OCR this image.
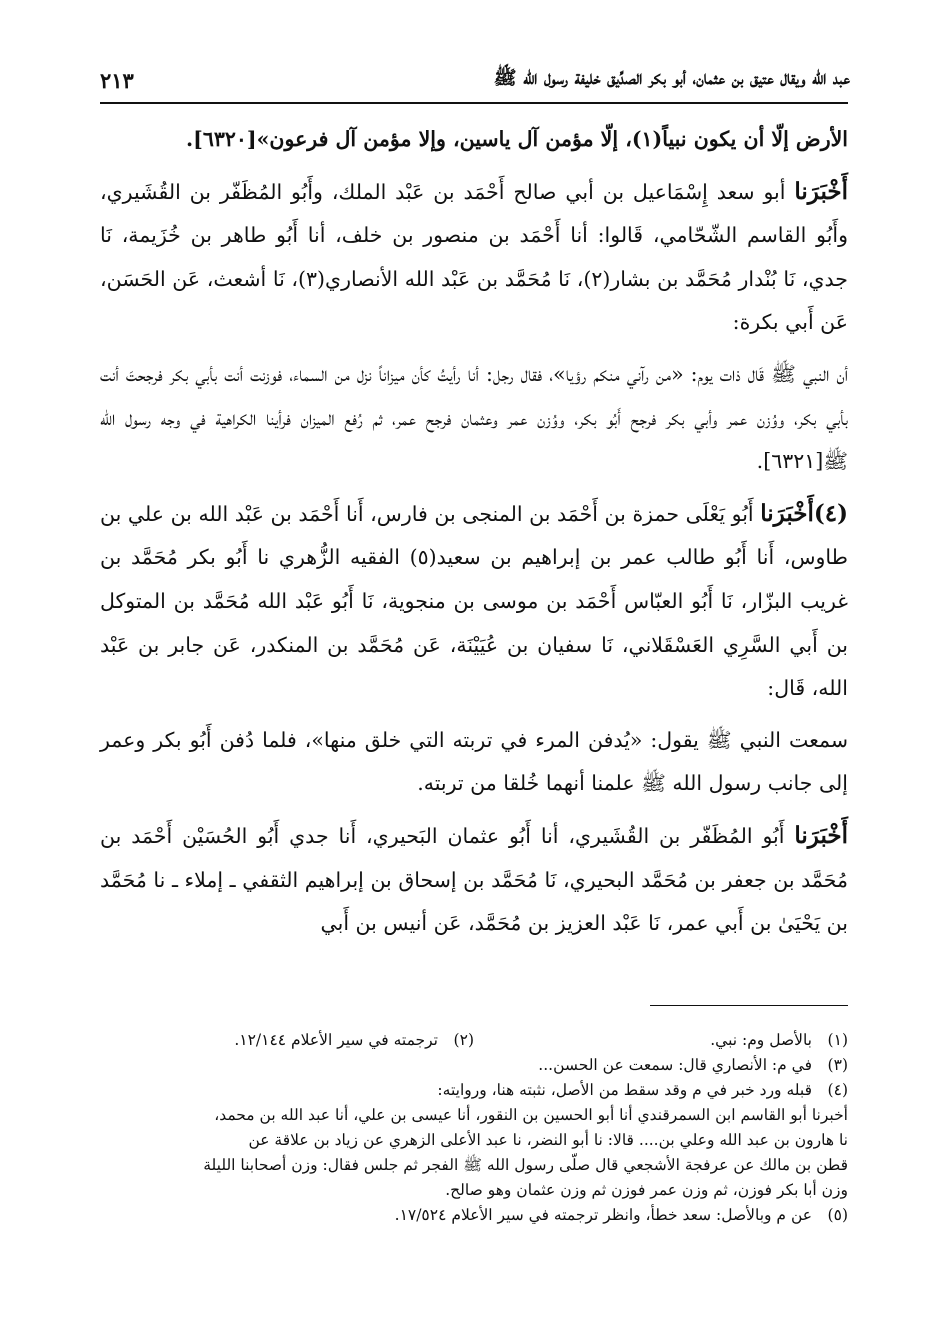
عبد الله ويقال عتيق بن عثمان، أبو بكر الصدِّيق خليفة رسول الله ﷺ
٢١٣

الأرض إلّا أن يكون نبياً(١)، إلّا مؤمن آل ياسين، وإلا مؤمن آل فرعون»[٦٣٢٠].

أَخْبَرَنا أبو سعد إِسْمَاعيل بن أبي صالح أَحْمَد بن عَبْد الملك، وأَبُو المُظَفّر بن القُشَيري، وأَبُو القاسم الشّحّامي، قَالوا: أنا أَحْمَد بن منصور بن خلف، أنا أَبُو طاهر بن خُزَيمة، نَا جدي، نَا بُنْدار مُحَمَّد بن بشار(٢)، نَا مُحَمَّد بن عَبْد الله الأنصاري(٣)، نَا أشعث، عَن الحَسَن، عَن أَبي بكرة:

أن النبي ﷺ قَال ذات يوم: «من رآني منكم رؤيا»، فقال رجل: أنا رأيتُ كأن ميزاناً نزل من السماء، فوزنت أنت بأبي بكر فرجحتَ أنت بأبي بكر، ووُزن عمر وأبي بكر فرجح أَبُو بكر، ووُزن عمر وعثمان فرجح عمر، ثم رُفع الميزان فرأينا الكراهية في وجه رسول الله ﷺ[٦٣٢١].

(٤)أَخْبَرَنا أَبُو يَعْلَى حمزة بن أَحْمَد بن المنجى بن فارس، أَنا أَحْمَد بن عَبْد الله بن علي بن طاوس، أَنا أَبُو طالب عمر بن إبراهيم بن سعيد(٥) الفقيه الزُّهري نا أَبُو بكر مُحَمَّد بن غريب البزّار، نَا أَبُو العبّاس أَحْمَد بن موسى بن منجوية، نَا أَبُو عَبْد الله مُحَمَّد بن المتوكل بن أَبي السَّرِي العَسْقَلاني، نَا سفيان بن عُيَيْنَة، عَن مُحَمَّد بن المنكدر، عَن جابر بن عَبْد الله، قَال:

سمعت النبي ﷺ يقول: «يُدفن المرء في تربته التي خلق منها»، فلما دُفن أَبُو بكر وعمر إلى جانب رسول الله ﷺ علمنا أنهما خُلقا من تربته.

أَخْبَرَنا أَبُو المُظَفّر بن القُشَيري، أنا أَبُو عثمان البَحيري، أَنا جدي أَبُو الحُسَيْن أَحْمَد بن مُحَمَّد بن جعفر بن مُحَمَّد البحيري، نَا مُحَمَّد بن إسحاق بن إبراهيم الثقفي ـ إملاء ـ نا مُحَمَّد بن يَحْيَىٰ بن أَبي عمر، نَا عَبْد العزيز بن مُحَمَّد، عَن أنيس بن أَبي

(١)بالأصل وم: نبي.

(٢)ترجمته في سير الأعلام ١٢/١٤٤.

(٣)في م: الأنصاري قال: سمعت عن الحسن...

(٤)قبله ورد خبر في م وقد سقط من الأصل، نثبته هنا، وروايته:

أخبرنا أبو القاسم ابن السمرقندي أنا أبو الحسين بن النقور، أنا عيسى بن علي، أنا عبد الله بن محمد،

نا هارون بن عبد الله وعلي بن.... قالا: نا أبو النضر، نا عبد الأعلى الزهري عن زياد بن علاقة عن

قطن بن مالك عن عرفجة الأشجعي قال صلّى رسول الله ﷺ الفجر ثم جلس فقال: وزن أصحابنا الليلة

وزن أبا بكر فوزن، ثم وزن عمر فوزن ثم وزن عثمان وهو صالح.

(٥)عن م وبالأصل: سعد خطأ، وانظر ترجمته في سير الأعلام ١٧/٥٢٤.
